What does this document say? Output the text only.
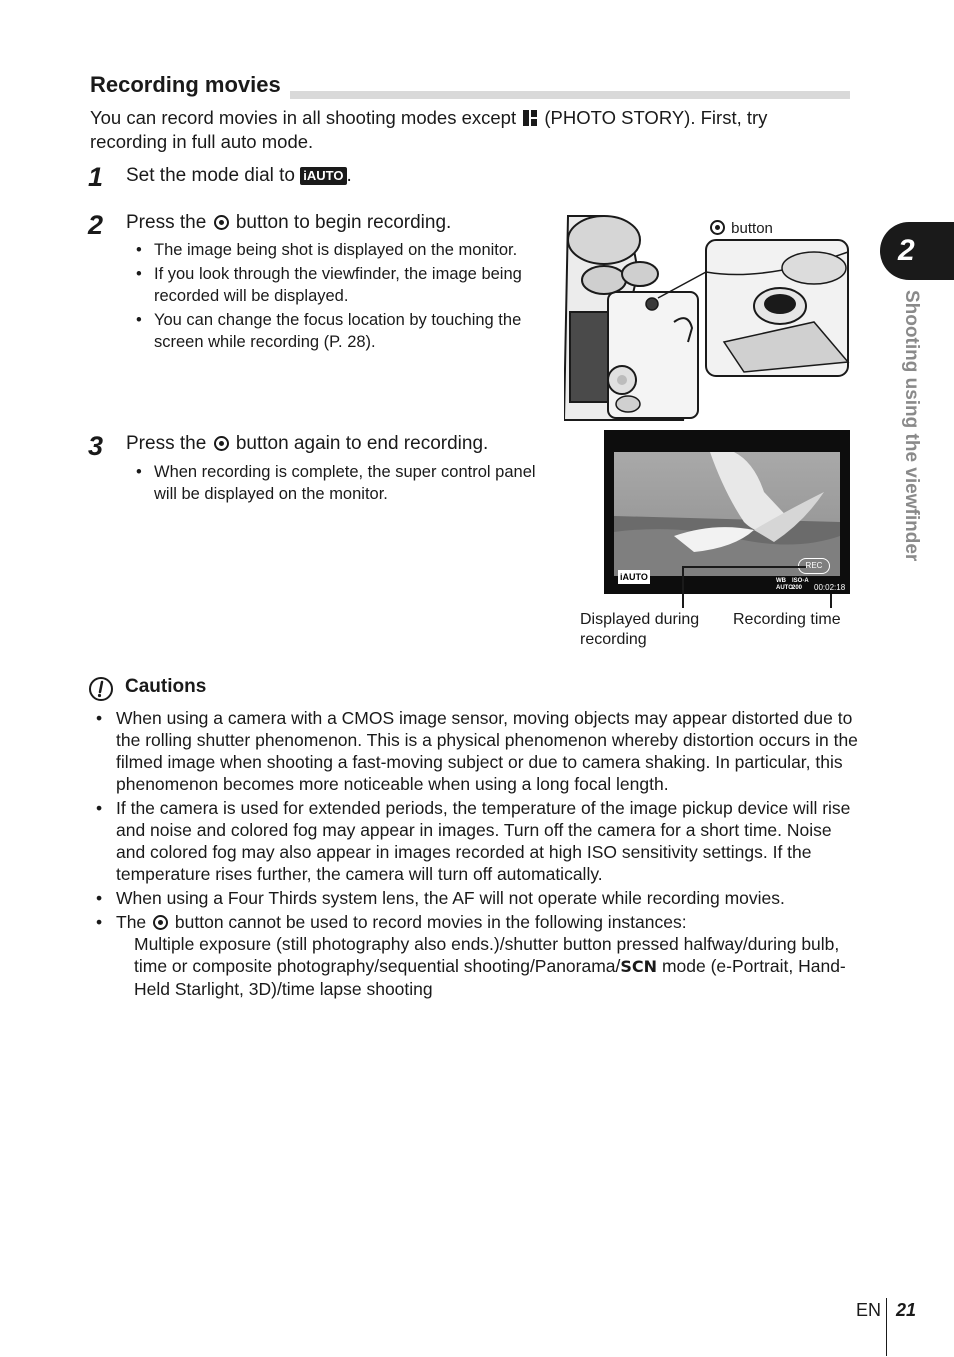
Recording movies
You can record movies in all shooting modes except (PHOTO STORY). First, try recording in full auto mode.
1 Set the mode dial to iAUTO .
2 Press the button to begin recording.
• The image being shot is displayed on the monitor.
• If you look through the viewfinder, the image being recorded will be displayed.
• You can change the focus location by touching the screen while recording (P. 28).
button
3 Press the button again to end recording.
• When recording is complete, the super control panel will be displayed on the monitor.
REC
iAUTO	WB
AUTO
ISO-A
200	00:02:18
Displayed during recording
Recording time
Cautions
• When using a camera with a CMOS image sensor, moving objects may appear distorted due to the rolling shutter phenomenon. This is a physical phenomenon whereby distortion occurs in the filmed image when shooting a fast-moving subject or due to camera shaking. In particular, this phenomenon becomes more noticeable when using a long focal length.
• If the camera is used for extended periods, the temperature of the image pickup device will rise and noise and colored fog may appear in images. Turn off the camera for a short time. Noise and colored fog may also appear in images recorded at high ISO sensitivity settings. If the temperature rises further, the camera will turn off automatically.
• When using a Four Thirds system lens, the AF will not operate while recording movies.
• The button cannot be used to record movies in the following instances:
Multiple exposure (still photography also ends.)/shutter button pressed halfway/during bulb, time or composite photography/sequential shooting/Panorama/SCN mode (e-Portrait, Hand-Held Starlight, 3D)/time lapse shooting
2
Shooting using the viewfinder
EN 21
